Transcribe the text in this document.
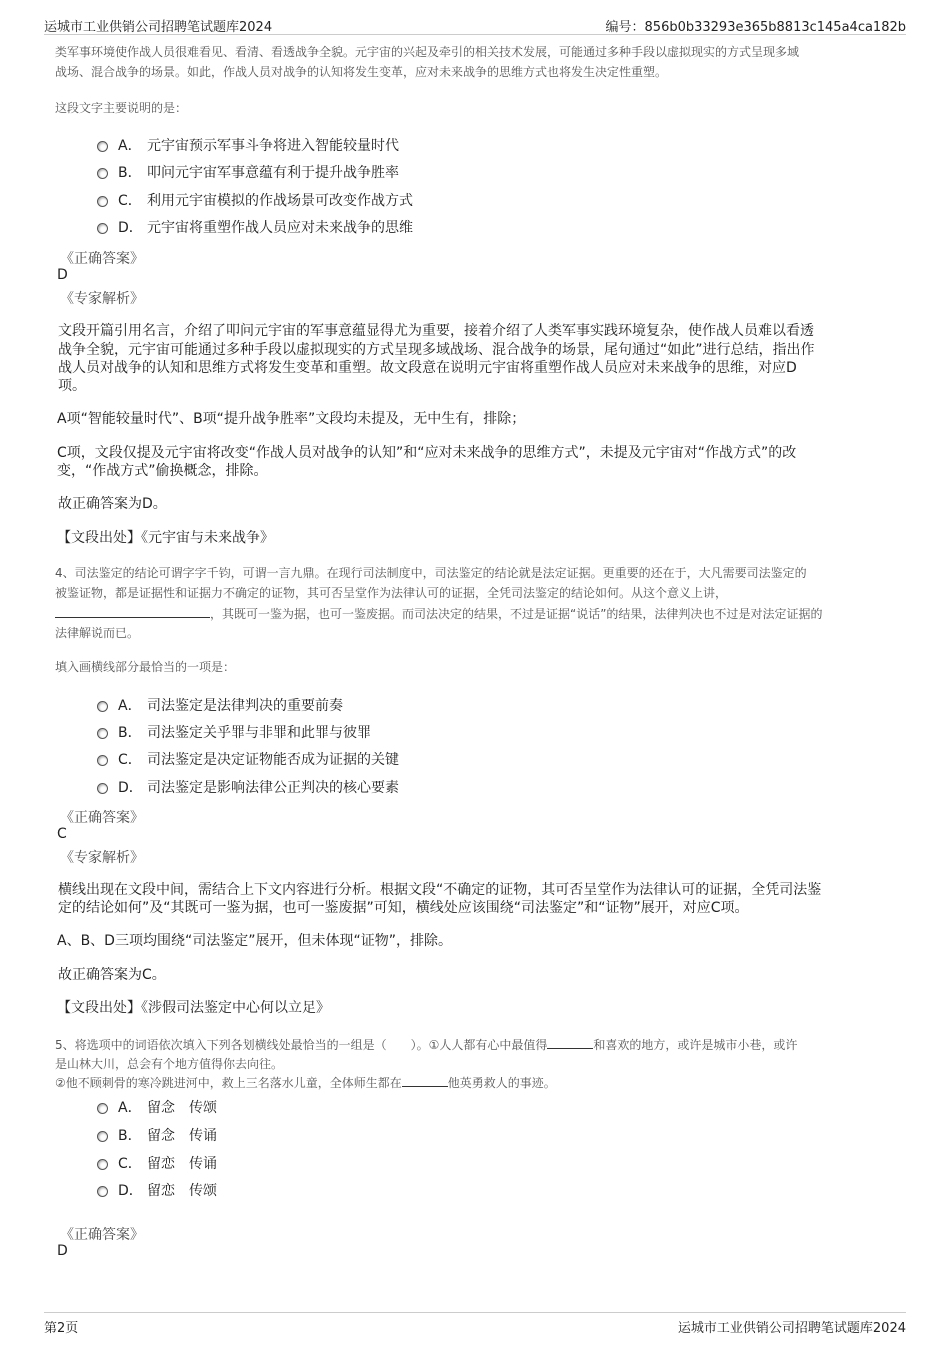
运城市工业供销公司招聘笔试题库2024	编号：856b0b33293e365b8813c145a4ca182b
类军事环境使作战人员很难看见、看清、看透战争全貌。元宇宙的兴起及牵引的相关技术发展，可能通过多种手段以虚拟现实的方式呈现多域
战场、混合战争的场景。如此，作战人员对战争的认知将发生变革，应对未来战争的思维方式也将发生决定性重塑。
这段文字主要说明的是：
A． 元宇宙预示军事斗争将进入智能较量时代
B． 叩问元宇宙军事意蕴有利于提升战争胜率
C． 利用元宇宙模拟的作战场景可改变作战方式
D． 元宇宙将重塑作战人员应对未来战争的思维
《正确答案》
D
《专家解析》
文段开篇引用名言，介绍了叩问元宇宙的军事意蕴显得尤为重要，接着介绍了人类军事实践环境复杂，使作战人员难以看透
战争全貌，元宇宙可能通过多种手段以虚拟现实的方式呈现多域战场、混合战争的场景，尾句通过“如此”进行总结，指出作
战人员对战争的认知和思维方式将发生变革和重塑。故文段意在说明元宇宙将重塑作战人员应对未来战争的思维，对应D
项。
A项“智能较量时代”、B项“提升战争胜率”文段均未提及，无中生有，排除；
C项，文段仅提及元宇宙将改变“作战人员对战争的认知”和“应对未来战争的思维方式”，未提及元宇宙对“作战方式”的改
变，“作战方式”偷换概念，排除。
故正确答案为D。
【文段出处】《元宇宙与未来战争》
4、司法鉴定的结论可谓字字千钧，可谓一言九鼎。在现行司法制度中，司法鉴定的结论就是法定证据。更重要的还在于，大凡需要司法鉴定的
被鉴证物，都是证据性和证据力不确定的证物，其可否呈堂作为法律认可的证据，全凭司法鉴定的结论如何。从这个意义上讲，
，其既可一鉴为据，也可一鉴废据。而司法决定的结果，不过是证据“说话”的结果，法律判决也不过是对法定证据的
法律解说而已。
填入画横线部分最恰当的一项是：
A． 司法鉴定是法律判决的重要前奏
B． 司法鉴定关乎罪与非罪和此罪与彼罪
C． 司法鉴定是决定证物能否成为证据的关键
D． 司法鉴定是影响法律公正判决的核心要素
《正确答案》
C
《专家解析》
横线出现在文段中间，需结合上下文内容进行分析。根据文段“不确定的证物，其可否呈堂作为法律认可的证据，全凭司法鉴
定的结论如何”及“其既可一鉴为据，也可一鉴废据”可知，横线处应该围绕“司法鉴定”和“证物”展开，对应C项。
A、B、D三项均围绕“司法鉴定”展开，但未体现“证物”，排除。
故正确答案为C。
【文段出处】《涉假司法鉴定中心何以立足》
5、将选项中的词语依次填入下列各划横线处最恰当的一组是（　　）。①人人都有心中最值得	和喜欢的地方，或许是城市小巷，或许
是山林大川，总会有个地方值得你去向往。
②他不顾刺骨的寒冷跳进河中，救上三名落水儿童，全体师生都在	他英勇救人的事迹。
A． 留念　传颂
B． 留念　传诵
C． 留恋　传诵
D． 留恋　传颂
《正确答案》
D
第2页	运城市工业供销公司招聘笔试题库2024
